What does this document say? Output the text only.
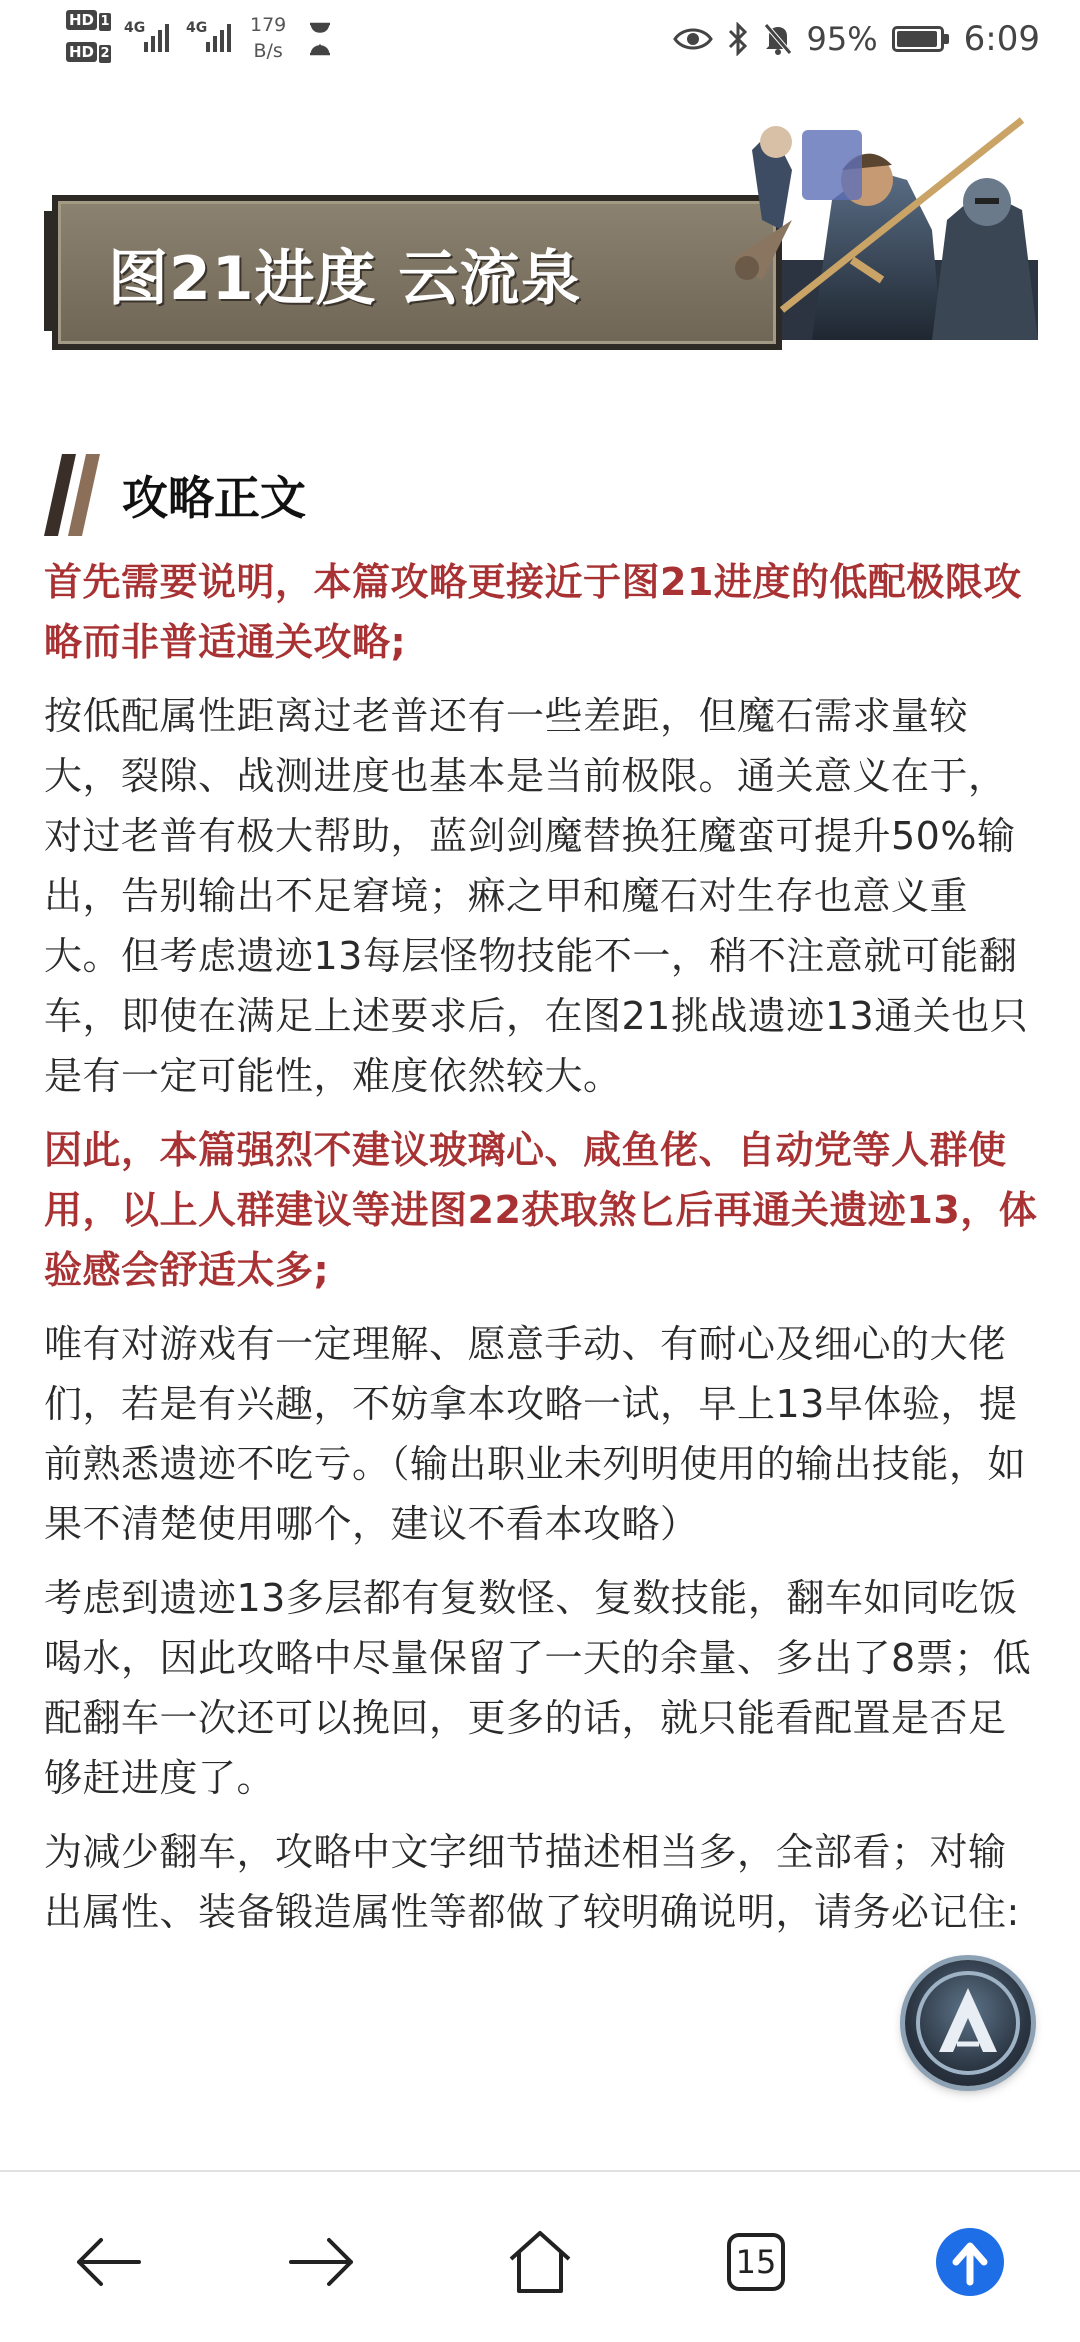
HD 1
HD 2
4G	4G 179
B/s	95%	6:09
图21进度 云流泉
攻略正文

首先需要说明，本篇攻略更接近于图21进度的低配极限攻略而非普适通关攻略;

按低配属性距离过老普还有一些差距，但魔石需求量较大，裂隙、战测进度也基本是当前极限。通关意义在于，对过老普有极大帮助，蓝剑剑魔替换狂魔蛮可提升50%输出，告别输出不足窘境；痳之甲和魔石对生存也意义重大。但考虑遗迹13每层怪物技能不一，稍不注意就可能翻车，即使在满足上述要求后，在图21挑战遗迹13通关也只是有一定可能性，难度依然较大。

因此，本篇强烈不建议玻璃心、咸鱼佬、自动党等人群使用，以上人群建议等进图22获取煞匕后再通关遗迹13，体验感会舒适太多;

唯有对游戏有一定理解、愿意手动、有耐心及细心的大佬们，若是有兴趣，不妨拿本攻略一试，早上13早体验，提前熟悉遗迹不吃亏。（输出职业未列明使用的输出技能，如果不清楚使用哪个，建议不看本攻略）

考虑到遗迹13多层都有复数怪、复数技能，翻车如同吃饭喝水，因此攻略中尽量保留了一天的余量、多出了8票；低配翻车一次还可以挽回，更多的话，就只能看配置是否足够赶进度了。

为减少翻车，攻略中文字细节描述相当多，全部看；对输出属性、装备锻造属性等都做了较明确说明，请务必记住:

15
